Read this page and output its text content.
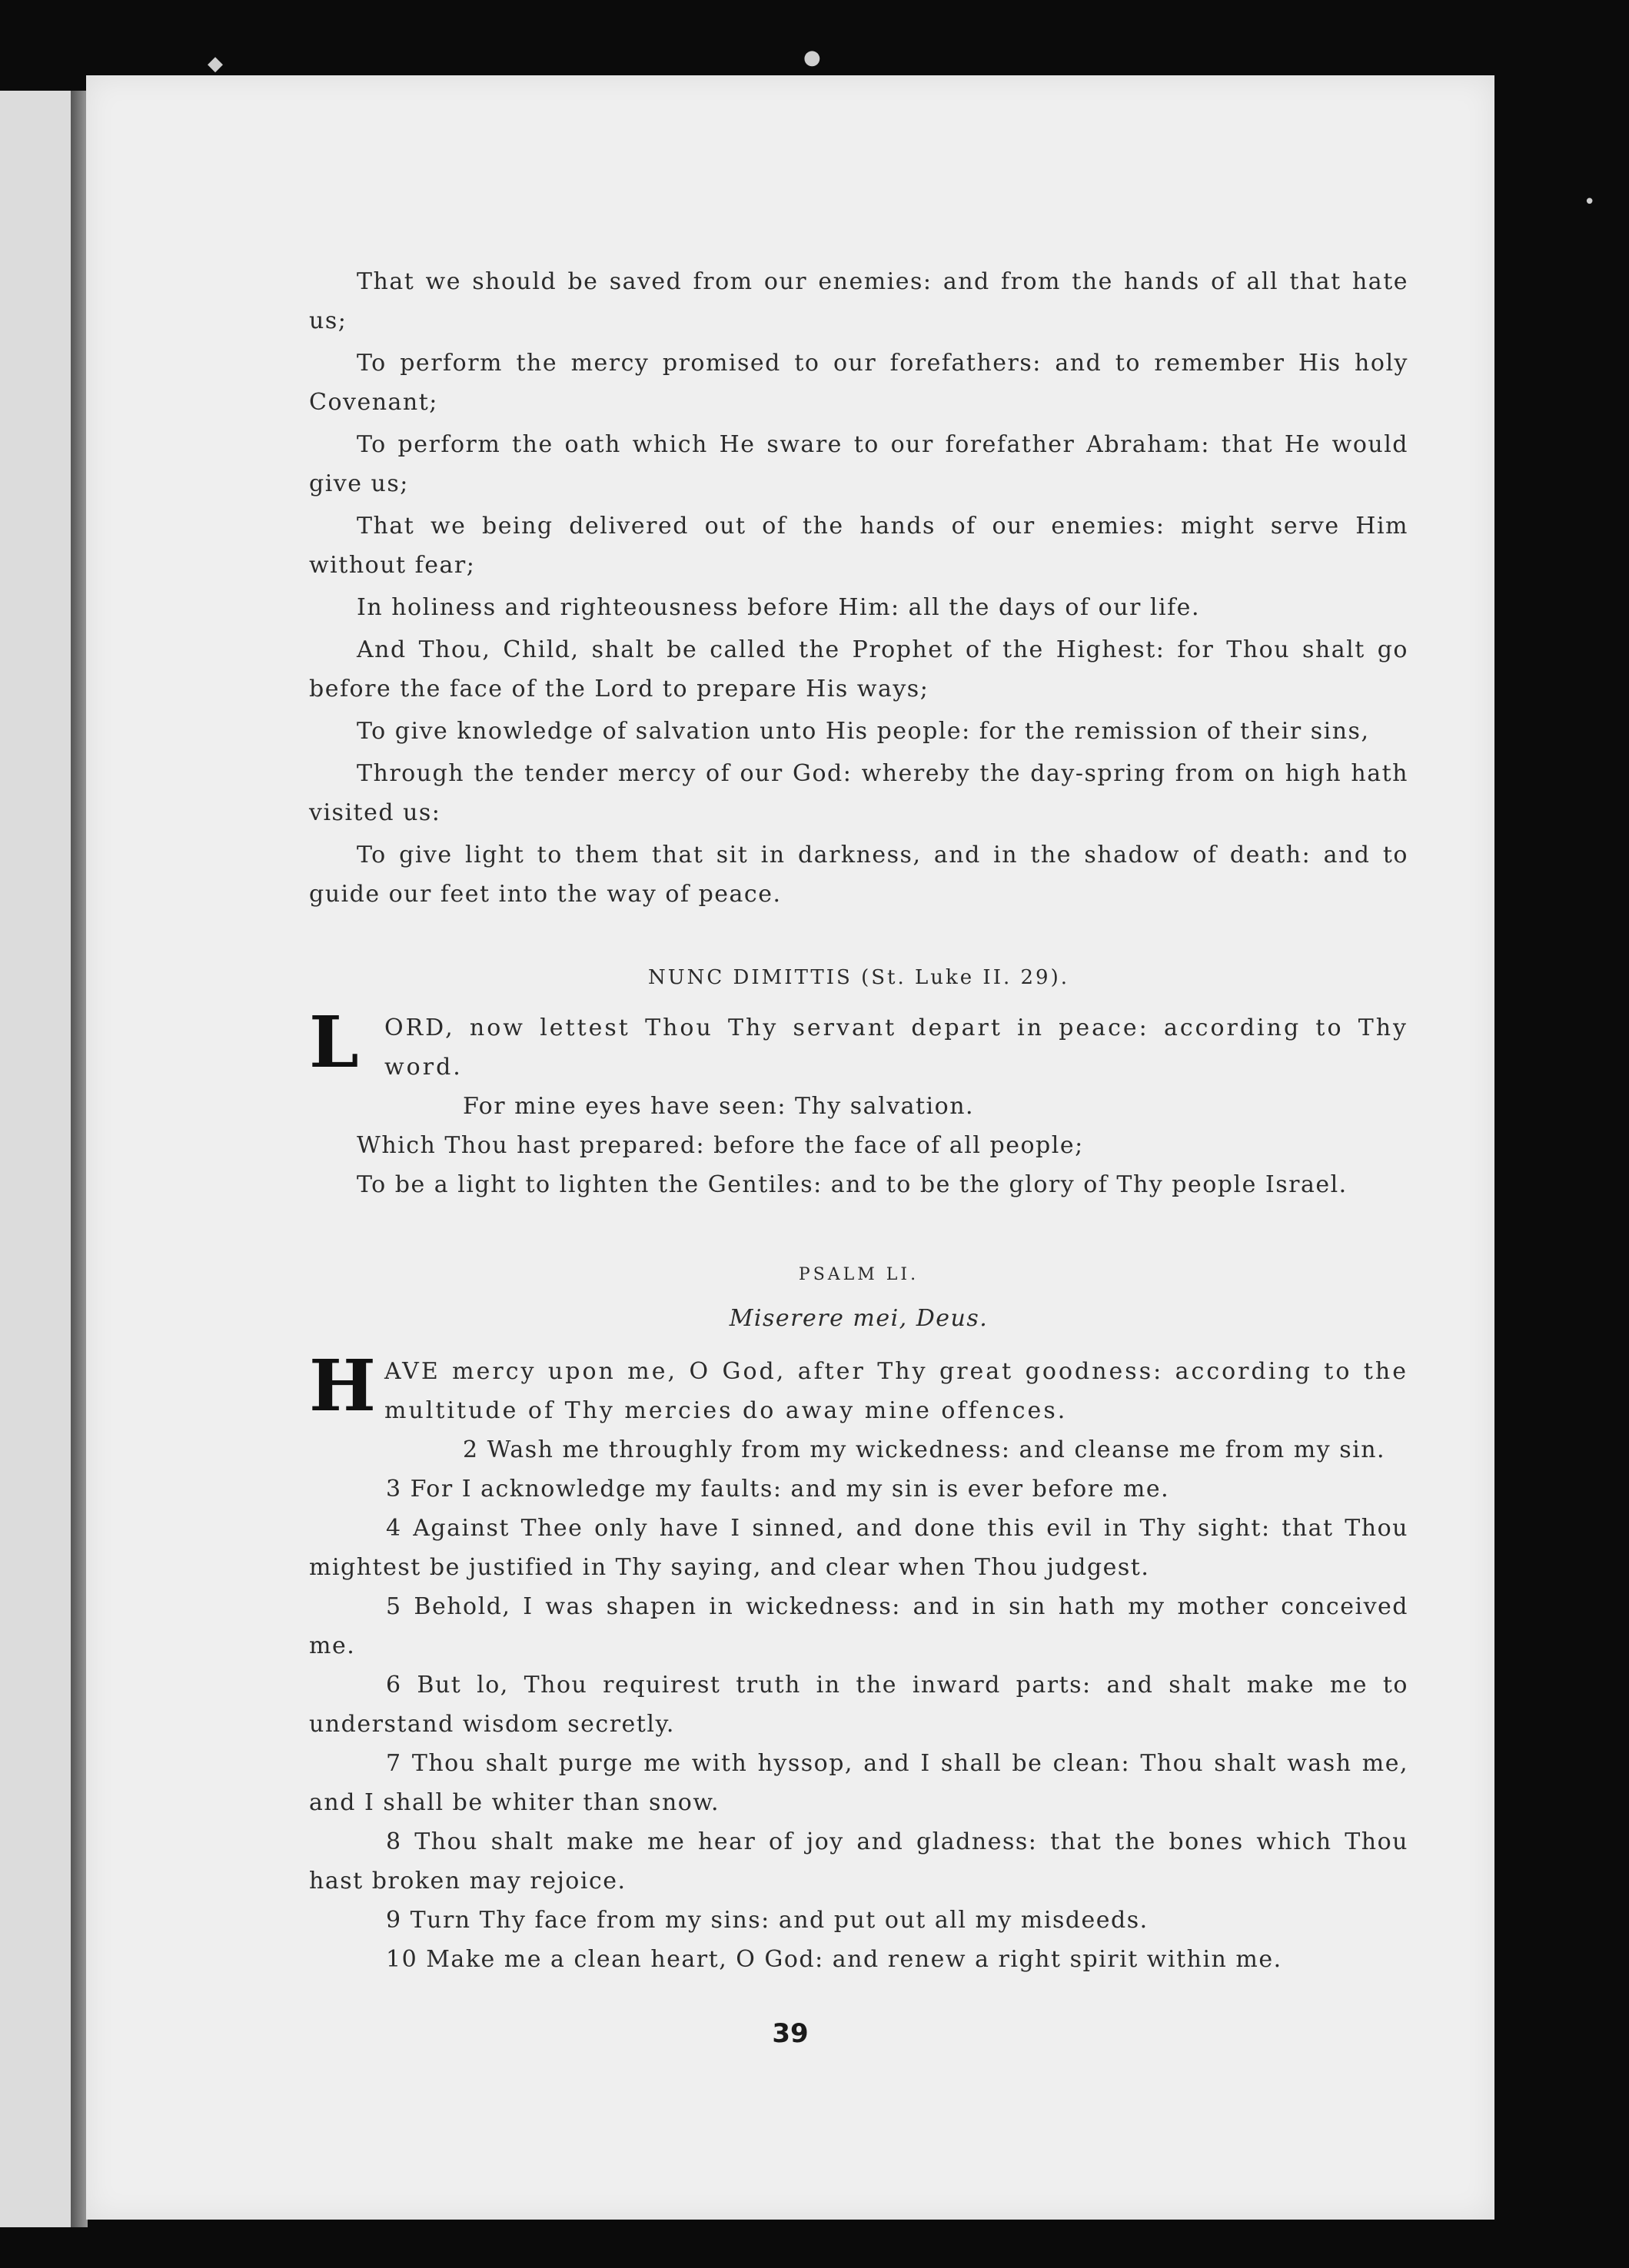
◆	●
•

That we should be saved from our enemies: and from the hands of all that hate us;

To perform the mercy promised to our forefathers: and to remember His holy Covenant;

To perform the oath which He sware to our forefather Abraham: that He would give us;

That we being delivered out of the hands of our enemies: might serve Him without fear;

In holiness and righteousness before Him: all the days of our life.

And Thou, Child, shalt be called the Prophet of the Highest: for Thou shalt go before the face of the Lord to prepare His ways;

To give knowledge of salvation unto His people: for the remission of their sins,

Through the tender mercy of our God: whereby the day-spring from on high hath visited us:

To give light to them that sit in darkness, and in the shadow of death: and to guide our feet into the way of peace.

NUNC DIMITTIS (St. Luke II. 29).

L ORD, now lettest Thou Thy servant depart in peace: according to Thy word.

For mine eyes have seen: Thy salvation.

Which Thou hast prepared: before the face of all people;

To be a light to lighten the Gentiles: and to be the glory of Thy people Israel.

PSALM LI.

Miserere mei, Deus.

H AVE mercy upon me, O God, after Thy great goodness: according to the multitude of Thy mercies do away mine offences.

2 Wash me throughly from my wickedness: and cleanse me from my sin.

3 For I acknowledge my faults: and my sin is ever before me.

4 Against Thee only have I sinned, and done this evil in Thy sight: that Thou mightest be justified in Thy saying, and clear when Thou judgest.

5 Behold, I was shapen in wickedness: and in sin hath my mother conceived me.

6 But lo, Thou requirest truth in the inward parts: and shalt make me to understand wisdom secretly.

7 Thou shalt purge me with hyssop, and I shall be clean: Thou shalt wash me, and I shall be whiter than snow.

8 Thou shalt make me hear of joy and gladness: that the bones which Thou hast broken may rejoice.

9 Turn Thy face from my sins: and put out all my misdeeds.

10 Make me a clean heart, O God: and renew a right spirit within me.

39
